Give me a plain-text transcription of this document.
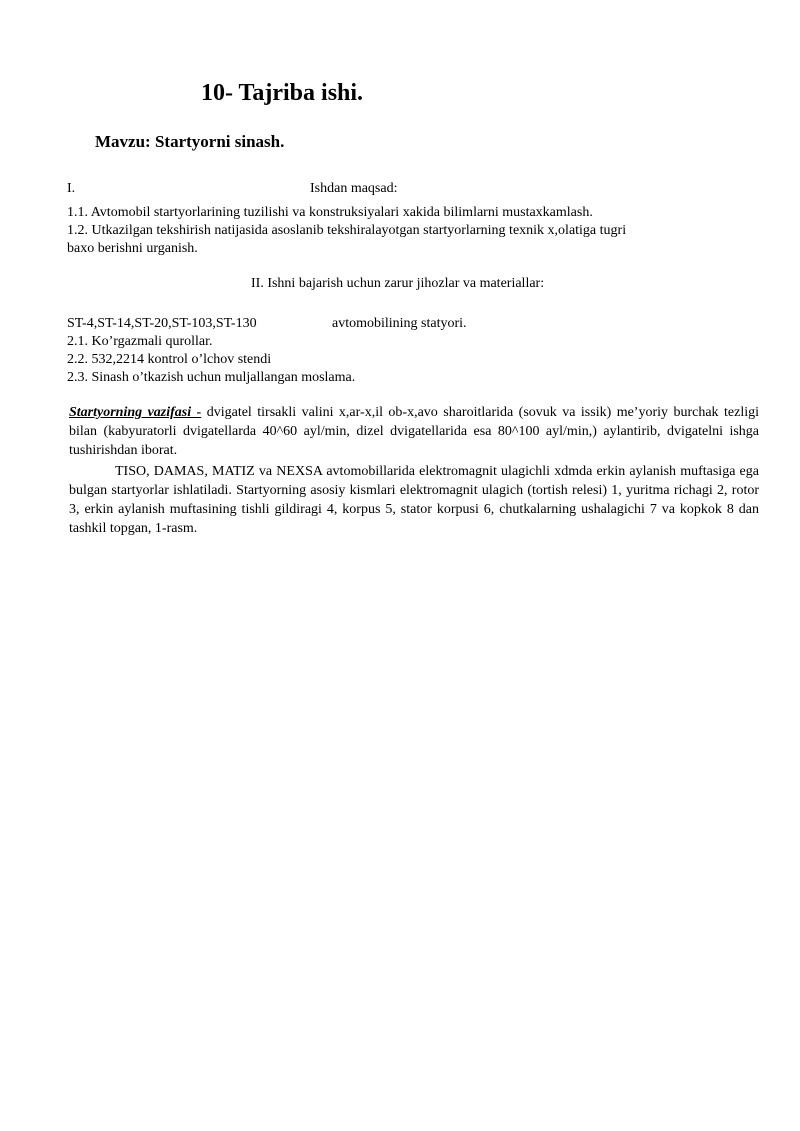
10- Tajriba ishi.
Mavzu: Startyorni sinash.
I.	Ishdan maqsad:
1.1. Avtomobil startyorlarining tuzilishi va konstruksiyalari xakida bilimlarni mustaxkamlash.
1.2. Utkazilgan tekshirish natijasida asoslanib tekshiralayotgan startyorlarning texnik x,olatiga tugri
baxo berishni urganish.
II. Ishni bajarish uchun zarur jihozlar va materiallar:
ST-4,ST-14,ST-20,ST-103,ST-130	avtomobilining statyori.
2.1. Ko’rgazmali qurollar.
2.2. 532,2214 kontrol o’lchov stendi
2.3. Sinash o’tkazish uchun muljallangan moslama.

Startyorning vazifasi - dvigatel tirsakli valini x,ar-x,il ob-x,avo sharoitlarida (sovuk va issik) me’yoriy burchak tezligi bilan (kabyuratorli dvigatellarda 40^60 ayl/min, dizel dvigatellarida esa 80^100 ayl/min,) aylantirib, dvigatelni ishga tushirishdan iborat.

TISO, DAMAS, MATIZ va NEXSA avtomobillarida elektromagnit ulagichli xdmda erkin aylanish muftasiga ega bulgan startyorlar ishlatiladi. Startyorning asosiy kismlari elektromagnit ulagich (tortish relesi) 1, yuritma richagi 2, rotor 3, erkin aylanish muftasining tishli gildiragi 4, korpus 5, stator korpusi 6, chutkalarning ushalagichi 7 va kopkok 8 dan tashkil topgan, 1-rasm.
